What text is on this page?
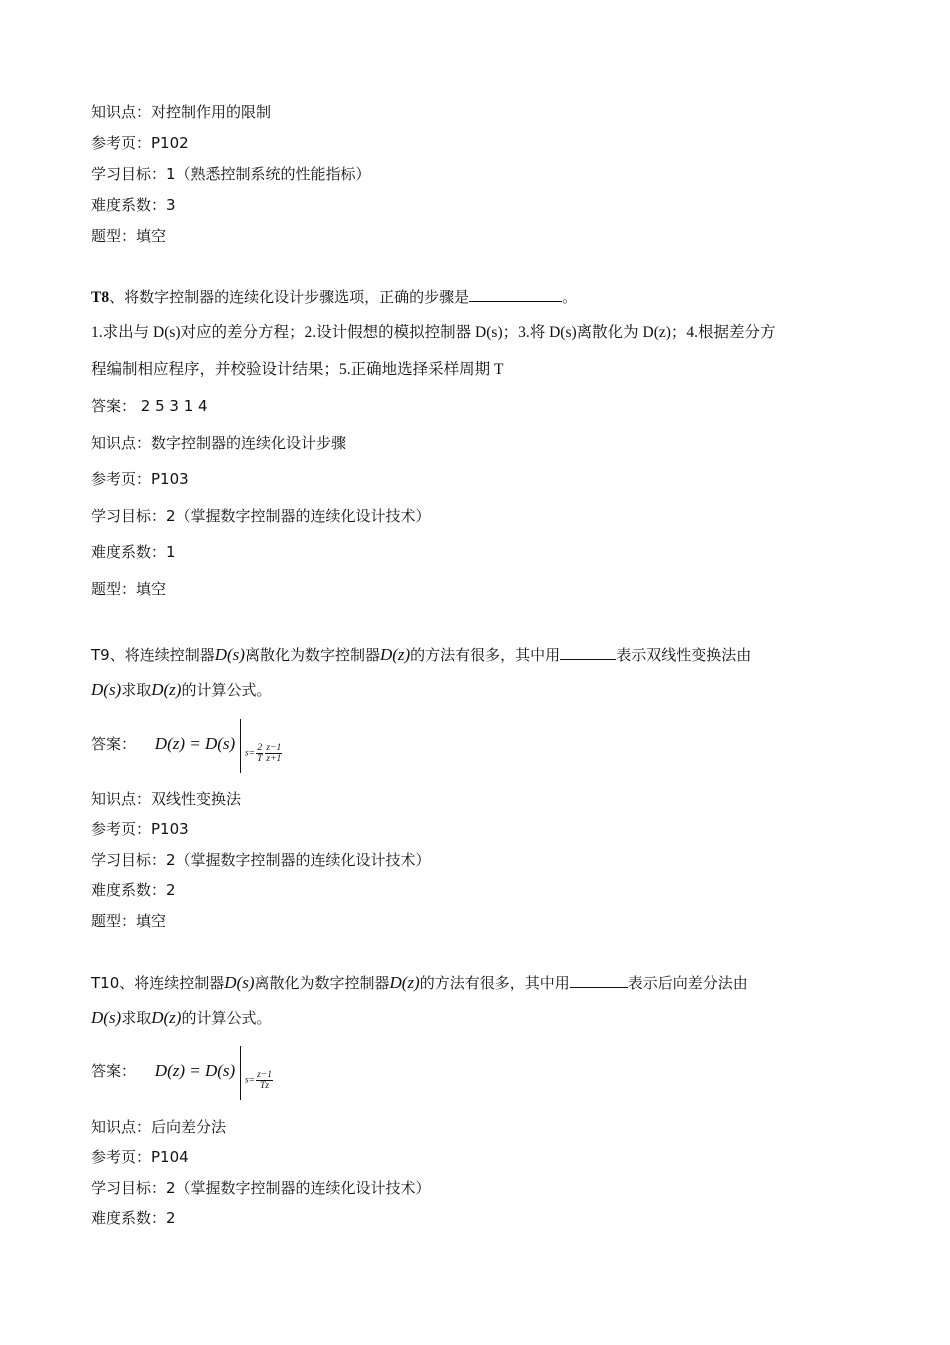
知识点：对控制作用的限制
参考页：P102
学习目标：1（熟悉控制系统的性能指标）
难度系数：3
题型：填空
T8、将数字控制器的连续化设计步骤选项，正确的步骤是	。
1.求出与 D(s)对应的差分方程；2.设计假想的模拟控制器 D(s)；3.将 D(s)离散化为 D(z)；4.根据差分方
程编制相应程序，并校验设计结果；5.正确地选择采样周期 T
答案： 2 5 3 1 4
知识点：数字控制器的连续化设计步骤
参考页：P103
学习目标：2（掌握数字控制器的连续化设计技术）
难度系数：1
题型：填空
T9、将连续控制器D(s)离散化为数字控制器D(z)的方法有很多，其中用	表示双线性变换法由
D(s)求取D(z)的计算公式。
答案： D(z) = D(s)
$s= \frac{2}{T} \frac{z-1}{z+1}$
知识点：双线性变换法
参考页：P103
学习目标：2（掌握数字控制器的连续化设计技术）
难度系数：2
题型：填空
T10、将连续控制器D(s)离散化为数字控制器D(z)的方法有很多，其中用	表示后向差分法由
D(s)求取D(z)的计算公式。
答案： D(z) = D(s)
$s= \frac{z-1}{Tz}$
知识点：后向差分法
参考页：P104
学习目标：2（掌握数字控制器的连续化设计技术）
难度系数：2
